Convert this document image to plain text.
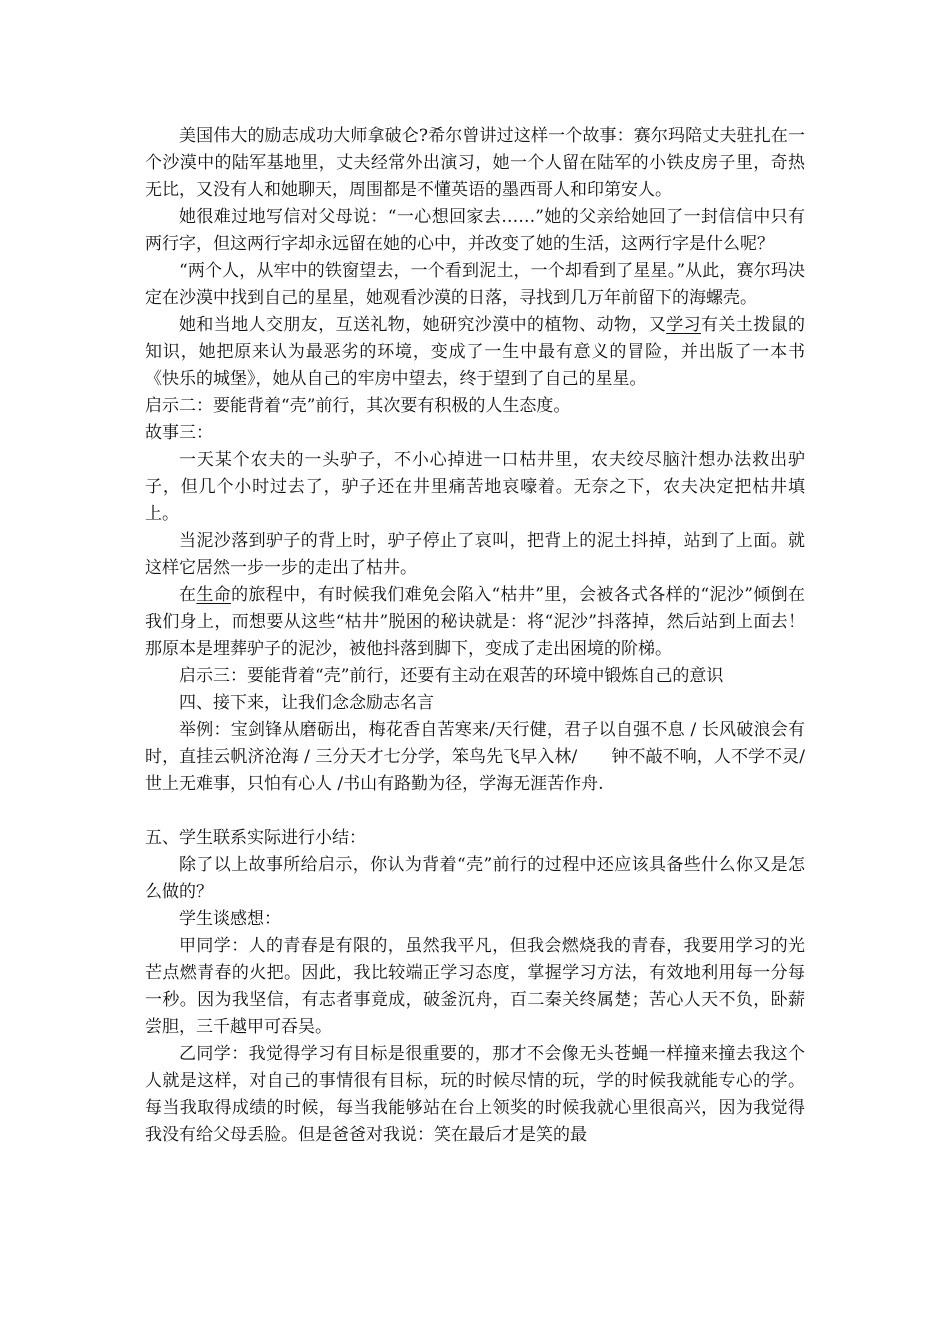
美国伟大的励志成功大师拿破仑?希尔曾讲过这样一个故事：赛尔玛陪丈夫驻扎在一个沙漠中的陆军基地里，丈夫经常外出演习，她一个人留在陆军的小铁皮房子里，奇热无比，又没有人和她聊天，周围都是不懂英语的墨西哥人和印第安人。

她很难过地写信对父母说：“一心想回家去……”她的父亲给她回了一封信信中只有两行字，但这两行字却永远留在她的心中，并改变了她的生活，这两行字是什么呢？

“两个人，从牢中的铁窗望去，一个看到泥土，一个却看到了星星。”从此，赛尔玛决定在沙漠中找到自己的星星，她观看沙漠的日落，寻找到几万年前留下的海螺壳。

她和当地人交朋友，互送礼物，她研究沙漠中的植物、动物，又学习有关土拨鼠的知识，她把原来认为最恶劣的环境，变成了一生中最有意义的冒险，并出版了一本书《快乐的城堡》，她从自己的牢房中望去，终于望到了自己的星星。

启示二：要能背着“壳”前行，其次要有积极的人生态度。

故事三：

一天某个农夫的一头驴子，不小心掉进一口枯井里，农夫绞尽脑汁想办法救出驴子，但几个小时过去了，驴子还在井里痛苦地哀嚎着。无奈之下，农夫决定把枯井填上。

当泥沙落到驴子的背上时，驴子停止了哀叫，把背上的泥土抖掉，站到了上面。就这样它居然一步一步的走出了枯井。

在生命的旅程中，有时候我们难免会陷入“枯井”里，会被各式各样的“泥沙”倾倒在我们身上，而想要从这些“枯井”脱困的秘诀就是：将“泥沙”抖落掉，然后站到上面去！那原本是埋葬驴子的泥沙，被他抖落到脚下，变成了走出困境的阶梯。

启示三：要能背着“壳”前行，还要有主动在艰苦的环境中锻炼自己的意识

四、接下来，让我们念念励志名言

举例：宝剑锋从磨砺出，梅花香自苦寒来/天行健，君子以自强不息 / 长风破浪会有时，直挂云帆济沧海 / 三分天才七分学，笨鸟先飞早入林/　　钟不敲不响，人不学不灵/　　世上无难事，只怕有心人 /书山有路勤为径，学海无涯苦作舟.

五、学生联系实际进行小结：

除了以上故事所给启示，你认为背着“壳”前行的过程中还应该具备些什么你又是怎么做的？

学生谈感想：

甲同学：人的青春是有限的，虽然我平凡，但我会燃烧我的青春，我要用学习的光芒点燃青春的火把。因此，我比较端正学习态度，掌握学习方法，有效地利用每一分每一秒。因为我坚信，有志者事竟成，破釜沉舟，百二秦关终属楚；苦心人天不负，卧薪尝胆，三千越甲可吞吴。

乙同学：我觉得学习有目标是很重要的，那才不会像无头苍蝇一样撞来撞去我这个人就是这样，对自己的事情很有目标，玩的时候尽情的玩，学的时候我就能专心的学。每当我取得成绩的时候，每当我能够站在台上领奖的时候我就心里很高兴，因为我觉得我没有给父母丢脸。但是爸爸对我说：笑在最后才是笑的最
